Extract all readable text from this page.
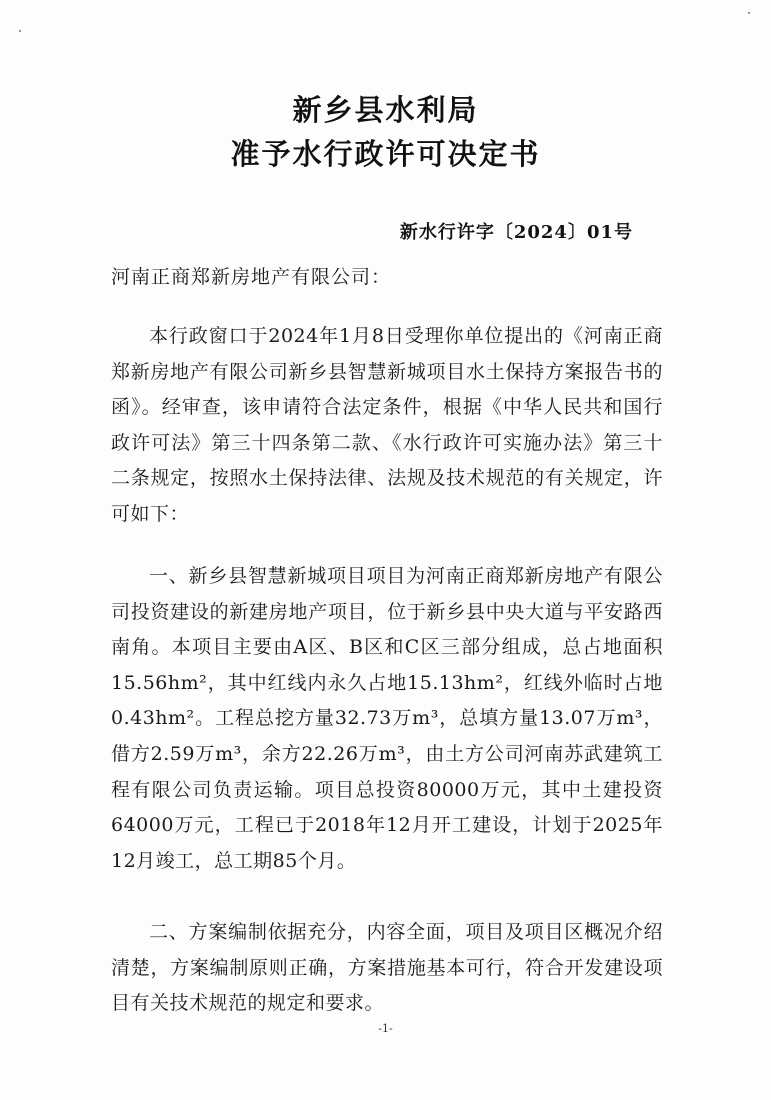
新乡县水利局
准予水行政许可决定书
新水行许字〔2024〕01号
河南正商郑新房地产有限公司：

本行政窗口于2024年1月8日受理你单位提出的《河南正商郑新房地产有限公司新乡县智慧新城项目水土保持方案报告书的函》。经审查，该申请符合法定条件，根据《中华人民共和国行政许可法》第三十四条第二款、《水行政许可实施办法》第三十二条规定，按照水土保持法律、法规及技术规范的有关规定，许可如下：

一、新乡县智慧新城项目项目为河南正商郑新房地产有限公司投资建设的新建房地产项目，位于新乡县中央大道与平安路西南角。本项目主要由A区、B区和C区三部分组成，总占地面积15.56hm²，其中红线内永久占地15.13hm²，红线外临时占地0.43hm²。工程总挖方量32.73万m³，总填方量13.07万m³，借方2.59万m³，余方22.26万m³，由土方公司河南苏武建筑工程有限公司负责运输。项目总投资80000万元，其中土建投资64000万元，工程已于2018年12月开工建设，计划于2025年12月竣工，总工期85个月。

二、方案编制依据充分，内容全面，项目及项目区概况介绍清楚，方案编制原则正确，方案措施基本可行，符合开发建设项目有关技术规范的规定和要求。

-1-
